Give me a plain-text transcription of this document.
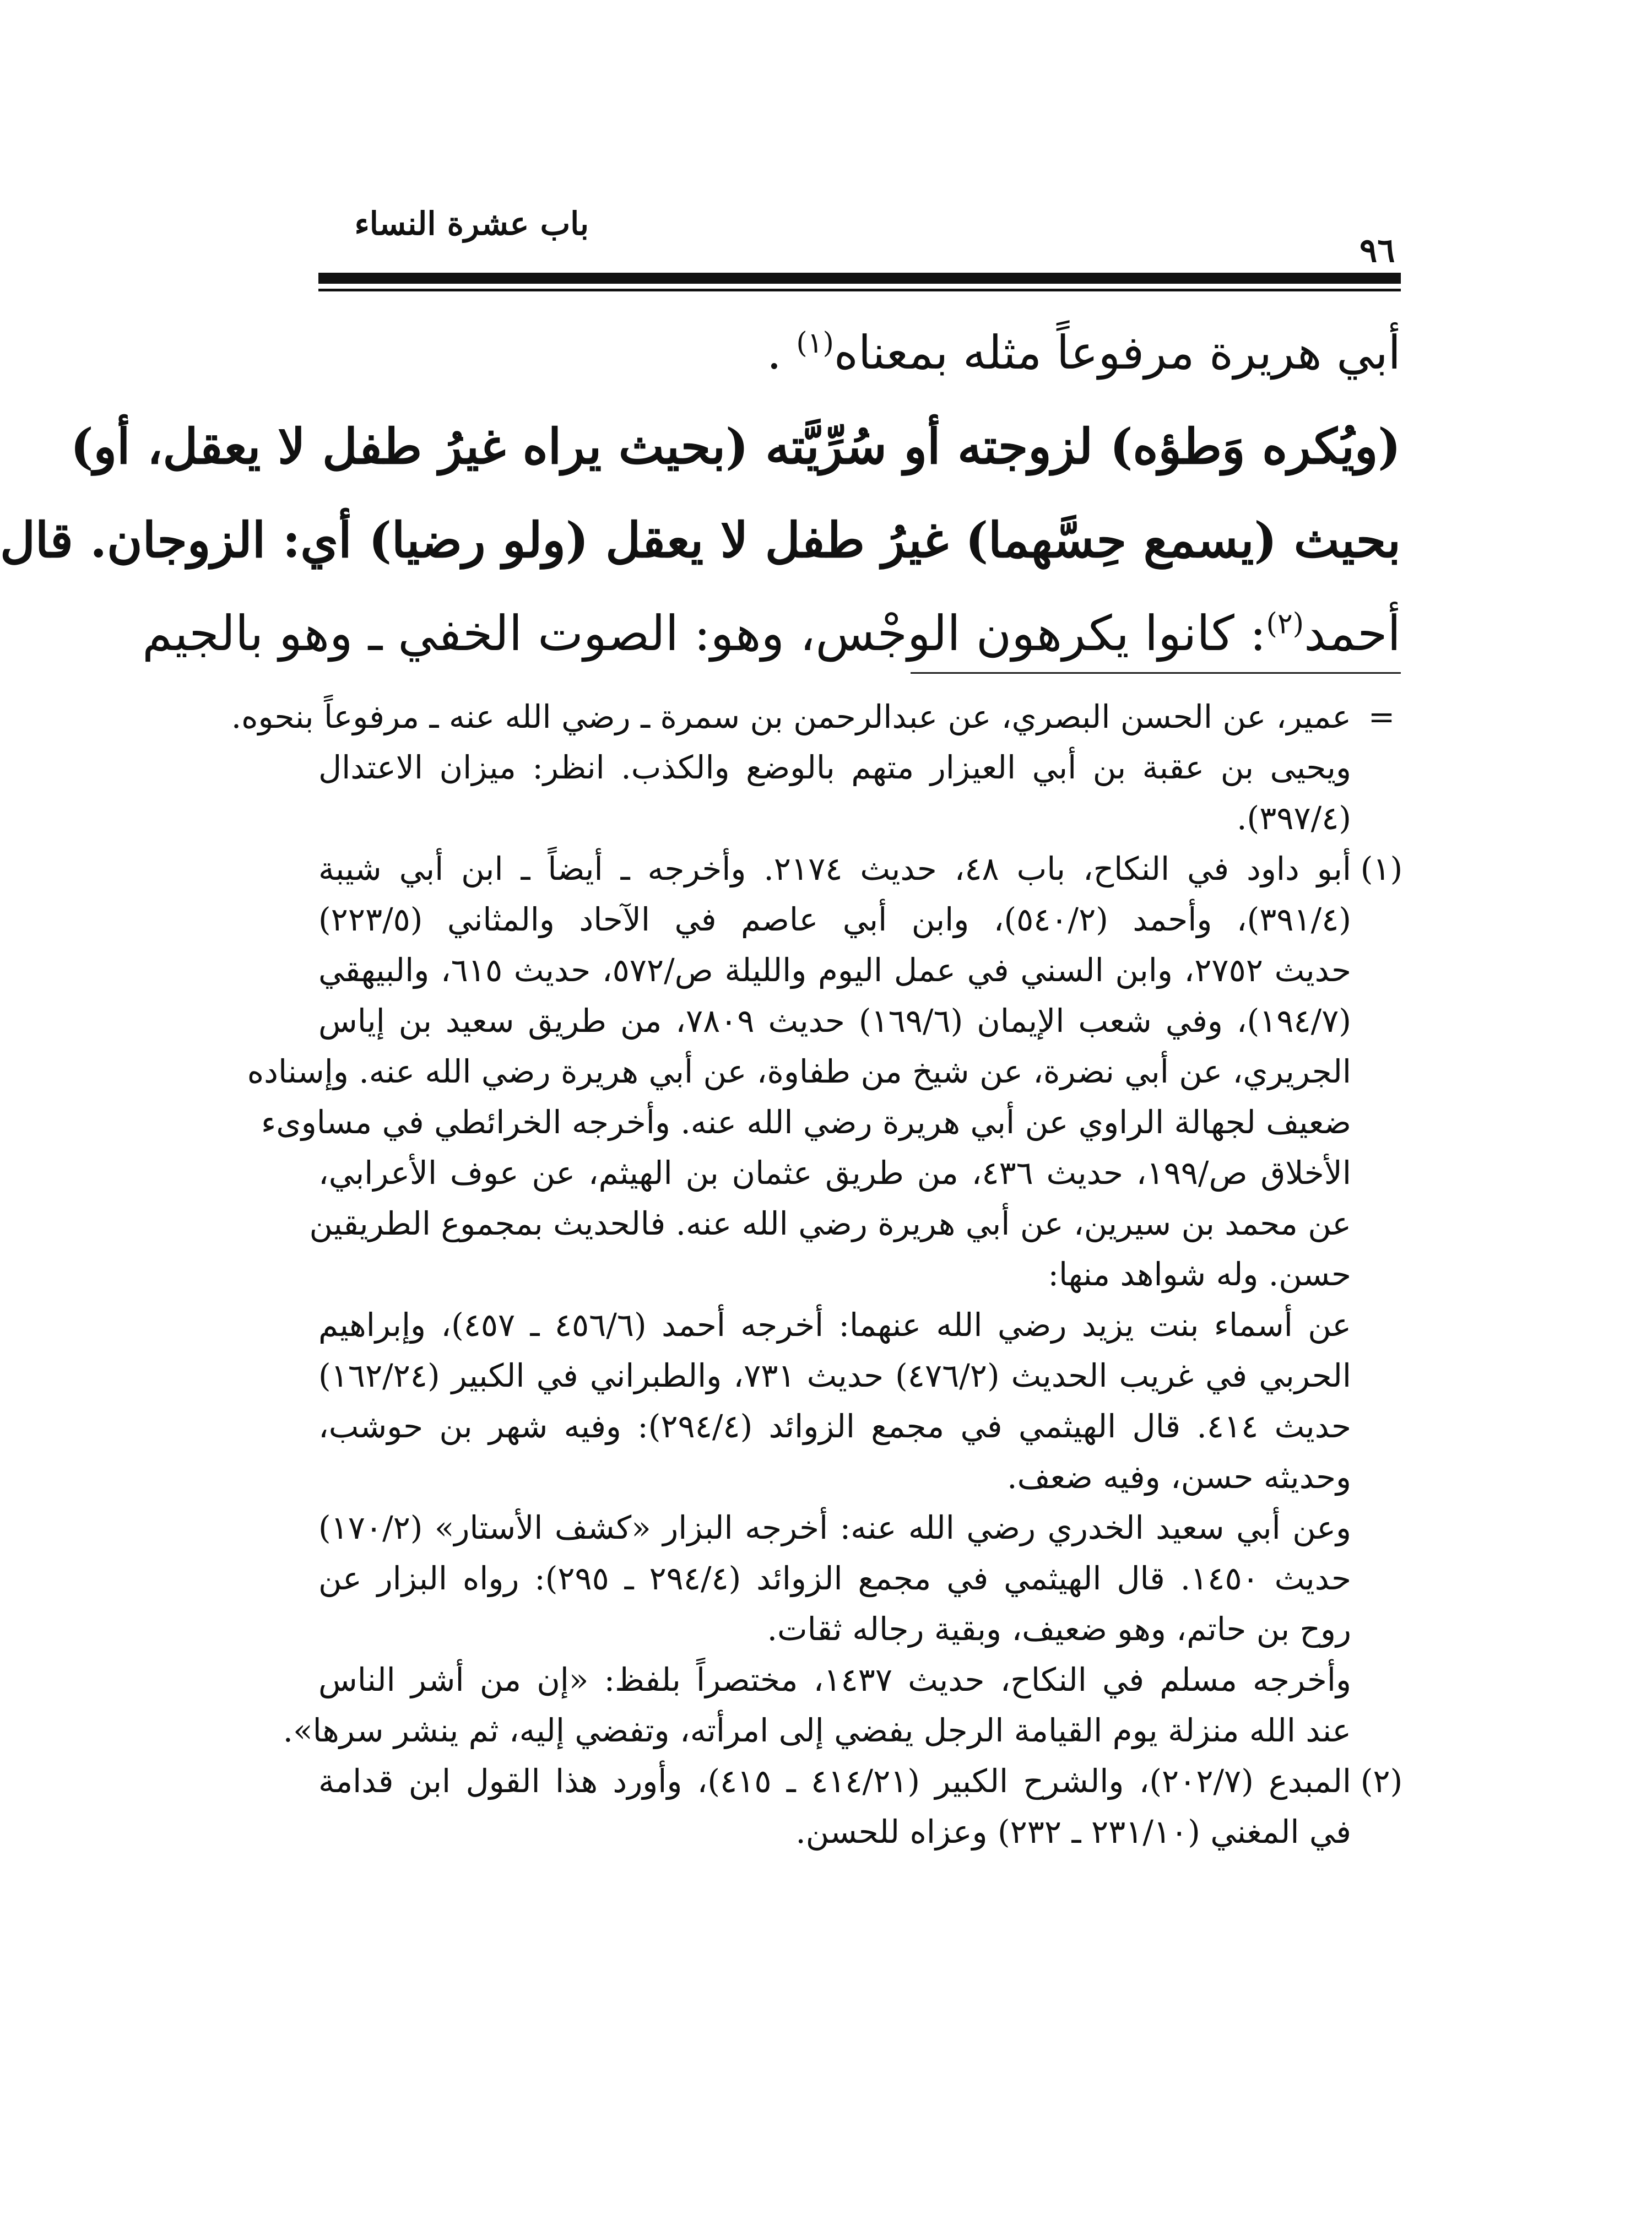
باب عشرة النساء
٩٦
أبي هريرة مرفوعاً مثله بمعناه$^{(١)}$ .
(ويُكره وَطؤه) لزوجته أو سُرِّيَّته (بحيث يراه غيرُ طفل لا يعقل، أو)
بحيث (يسمع حِسَّهما) غيرُ طفل لا يعقل (ولو رضيا) أي: الزوجان. قال
أحمد$^{(٢)}$: كانوا يكرهون الوجْس، وهو: الصوت الخفي ـ وهو بالجيم
=
عمير، عن الحسن البصري، عن عبدالرحمن بن سمرة ـ رضي الله عنه ـ مرفوعاً بنحوه.
ويحيى بن عقبة بن أبي العيزار متهم بالوضع والكذب. انظر: ميزان الاعتدال
(٣٩٧/٤).
(١)
أبو داود في النكاح، باب ٤٨، حديث ٢١٧٤. وأخرجه ـ أيضاً ـ ابن أبي شيبة
(٣٩١/٤)، وأحمد (٥٤٠/٢)، وابن أبي عاصم في الآحاد والمثاني (٢٢٣/٥)
حديث ٢٧٥٢، وابن السني في عمل اليوم والليلة ص/٥٧٢، حديث ٦١٥، والبيهقي
(١٩٤/٧)، وفي شعب الإيمان (١٦٩/٦) حديث ٧٨٠٩، من طريق سعيد بن إياس
الجريري، عن أبي نضرة، عن شيخ من طفاوة، عن أبي هريرة رضي الله عنه. وإسناده
ضعيف لجهالة الراوي عن أبي هريرة رضي الله عنه. وأخرجه الخرائطي في مساوىء
الأخلاق ص/١٩٩، حديث ٤٣٦، من طريق عثمان بن الهيثم، عن عوف الأعرابي،
عن محمد بن سيرين، عن أبي هريرة رضي الله عنه. فالحديث بمجموع الطريقين
حسن. وله شواهد منها:
عن أسماء بنت يزيد رضي الله عنهما: أخرجه أحمد (٤٥٦/٦ ـ ٤٥٧)، وإبراهيم
الحربي في غريب الحديث (٤٧٦/٢) حديث ٧٣١، والطبراني في الكبير (١٦٢/٢٤)
حديث ٤١٤. قال الهيثمي في مجمع الزوائد (٢٩٤/٤): وفيه شهر بن حوشب،
وحديثه حسن، وفيه ضعف.
وعن أبي سعيد الخدري رضي الله عنه: أخرجه البزار «كشف الأستار» (١٧٠/٢)
حديث ١٤٥٠. قال الهيثمي في مجمع الزوائد (٢٩٤/٤ ـ ٢٩٥): رواه البزار عن
روح بن حاتم، وهو ضعيف، وبقية رجاله ثقات.
وأخرجه مسلم في النكاح، حديث ١٤٣٧، مختصراً بلفظ: «إن من أشر الناس
عند الله منزلة يوم القيامة الرجل يفضي إلى امرأته، وتفضي إليه، ثم ينشر سرها».
(٢)
المبدع (٢٠٢/٧)، والشرح الكبير (٤١٤/٢١ ـ ٤١٥)، وأورد هذا القول ابن قدامة
في المغني (٢٣١/١٠ ـ ٢٣٢) وعزاه للحسن.
